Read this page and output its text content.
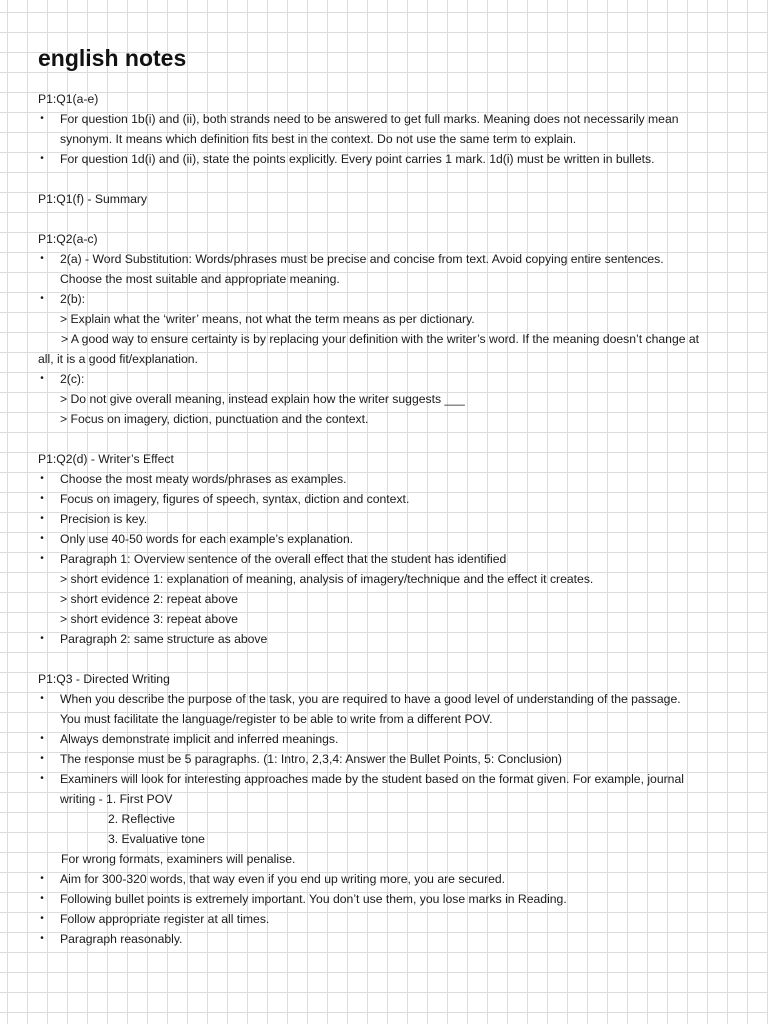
english notes
P1:Q1(a-e)
• For question 1b(i) and (ii), both strands need to be answered to get full marks. Meaning does not necessarily mean
synonym. It means which definition fits best in the context. Do not use the same term to explain.
• For question 1d(i) and (ii), state the points explicitly. Every point carries 1 mark. 1d(i) must be written in bullets.
P1:Q1(f) - Summary
P1:Q2(a-c)
• 2(a) - Word Substitution: Words/phrases must be precise and concise from text. Avoid copying entire sentences.
Choose the most suitable and appropriate meaning.
• 2(b):
> Explain what the ‘writer’ means, not what the term means as per dictionary.
> A good way to ensure certainty is by replacing your definition with the writer’s word. If the meaning doesn’t change at
all, it is a good fit/explanation.
• 2(c):
> Do not give overall meaning, instead explain how the writer suggests ___
> Focus on imagery, diction, punctuation and the context.
P1:Q2(d) - Writer’s Effect
• Choose the most meaty words/phrases as examples.
• Focus on imagery, figures of speech, syntax, diction and context.
• Precision is key.
• Only use 40-50 words for each example’s explanation.
• Paragraph 1: Overview sentence of the overall effect that the student has identified
> short evidence 1: explanation of meaning, analysis of imagery/technique and the effect it creates.
> short evidence 2: repeat above
> short evidence 3: repeat above
• Paragraph 2: same structure as above
P1:Q3 - Directed Writing
• When you describe the purpose of the task, you are required to have a good level of understanding of the passage.
You must facilitate the language/register to be able to write from a different POV.
• Always demonstrate implicit and inferred meanings.
• The response must be 5 paragraphs. (1: Intro, 2,3,4: Answer the Bullet Points, 5: Conclusion)
• Examiners will look for interesting approaches made by the student based on the format given. For example, journal
writing - 1. First POV
2. Reflective
3. Evaluative tone
For wrong formats, examiners will penalise.
• Aim for 300-320 words, that way even if you end up writing more, you are secured.
• Following bullet points is extremely important. You don’t use them, you lose marks in Reading.
• Follow appropriate register at all times.
• Paragraph reasonably.
